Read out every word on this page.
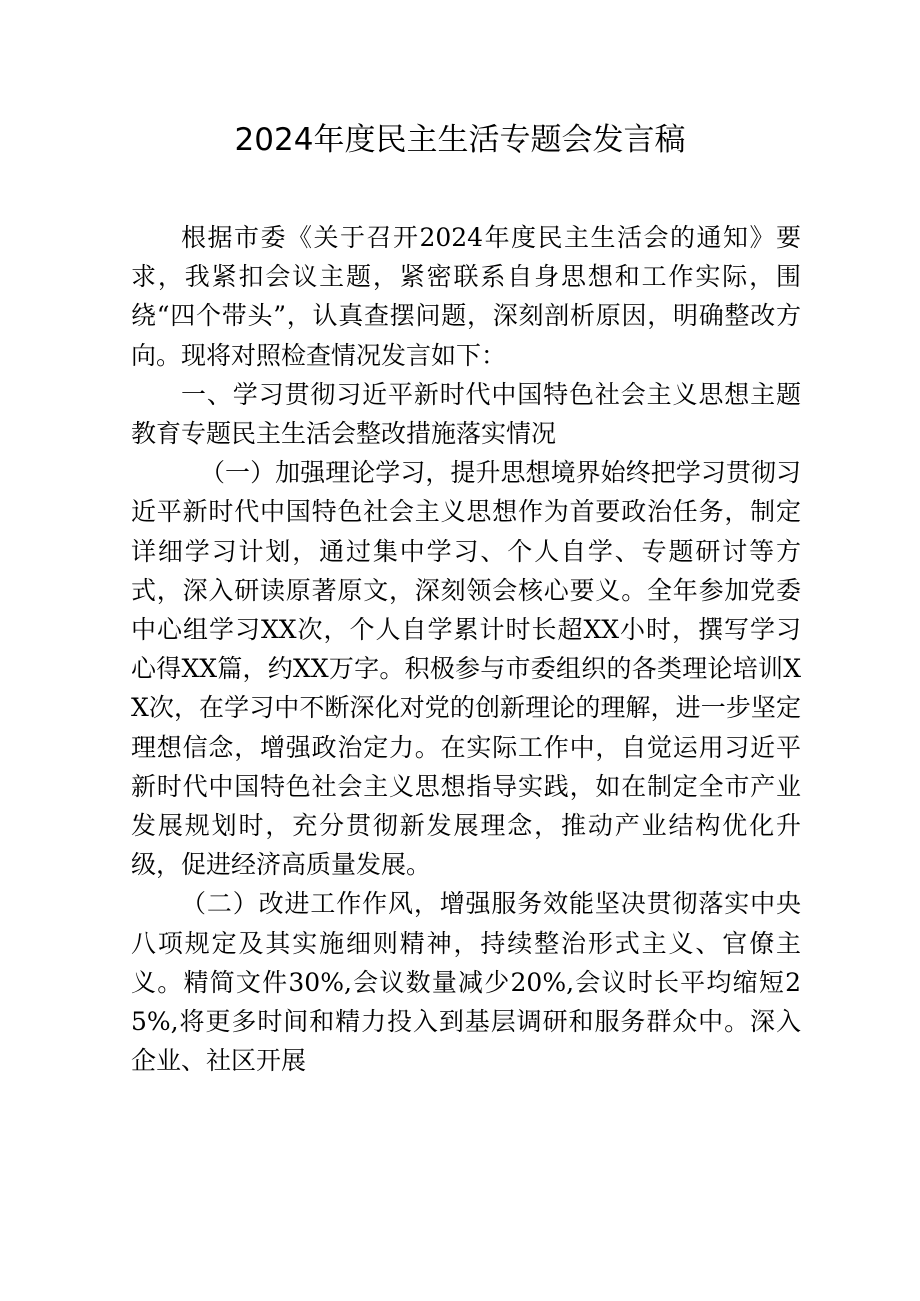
2024年度民主生活专题会发言稿

根据市委《关于召开2024年度民主生活会的通知》要求，我紧扣会议主题，紧密联系自身思想和工作实际，围绕“四个带头”，认真查摆问题，深刻剖析原因，明确整改方向。现将对照检查情况发言如下：

一、学习贯彻习近平新时代中国特色社会主义思想主题教育专题民主生活会整改措施落实情况

（一）加强理论学习，提升思想境界始终把学习贯彻习近平新时代中国特色社会主义思想作为首要政治任务，制定详细学习计划，通过集中学习、个人自学、专题研讨等方式，深入研读原著原文，深刻领会核心要义。全年参加党委中心组学习XX次，个人自学累计时长超XX小时，撰写学习心得XX篇，约XX万字。积极参与市委组织的各类理论培训XX次，在学习中不断深化对党的创新理论的理解，进一步坚定理想信念，增强政治定力。在实际工作中，自觉运用习近平新时代中国特色社会主义思想指导实践，如在制定全市产业发展规划时，充分贯彻新发展理念，推动产业结构优化升级，促进经济高质量发展。

（二）改进工作作风，增强服务效能坚决贯彻落实中央八项规定及其实施细则精神，持续整治形式主义、官僚主义。精简文件30%,会议数量减少20%,会议时长平均缩短25%,将更多时间和精力投入到基层调研和服务群众中。深入企业、社区开展
